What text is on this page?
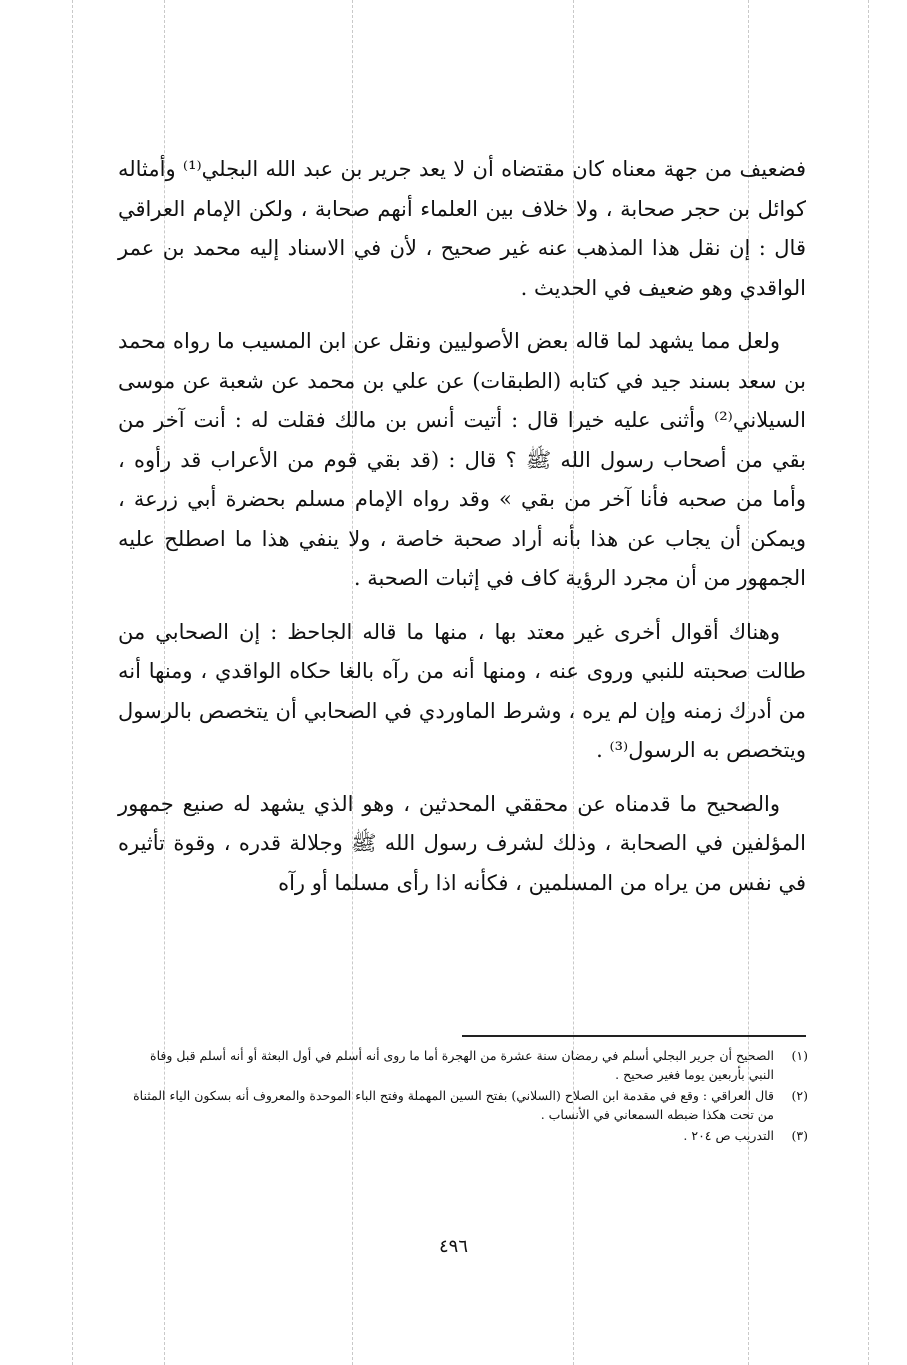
فضعيف من جهة معناه كان مقتضاه أن لا يعد جرير بن عبد الله البجلي⁽¹⁾ وأمثاله كوائل بن حجر صحابة ، ولا خلاف بين العلماء أنهم صحابة ، ولكن الإمام العراقي قال : إن نقل هذا المذهب عنه غير صحيح ، لأن في الاسناد إليه محمد بن عمر الواقدي وهو ضعيف في الحديث .

ولعل مما يشهد لما قاله بعض الأصوليين ونقل عن ابن المسيب ما رواه محمد بن سعد بسند جيد في كتابه (الطبقات) عن علي بن محمد عن شعبة عن موسى السيلاني⁽²⁾ وأثنى عليه خيرا قال : أتيت أنس بن مالك فقلت له : أنت آخر من بقي من أصحاب رسول الله ﷺ ؟ قال : (قد بقي قوم من الأعراب قد رأوه ، وأما من صحبه فأنا آخر من بقي » وقد رواه الإمام مسلم بحضرة أبي زرعة ، ويمكن أن يجاب عن هذا بأنه أراد صحبة خاصة ، ولا ينفي هذا ما اصطلح عليه الجمهور من أن مجرد الرؤية كاف في إثبات الصحبة .

وهناك أقوال أخرى غير معتد بها ، منها ما قاله الجاحظ : إن الصحابي من طالت صحبته للنبي وروى عنه ، ومنها أنه من رآه بالغا حكاه الواقدي ، ومنها أنه من أدرك زمنه وإن لم يره ، وشرط الماوردي في الصحابي أن يتخصص بالرسول ويتخصص به الرسول⁽³⁾ .

والصحيح ما قدمناه عن محققي المحدثين ، وهو الذي يشهد له صنيع جمهور المؤلفين في الصحابة ، وذلك لشرف رسول الله ﷺ وجلالة قدره ، وقوة تأثيره في نفس من يراه من المسلمين ، فكأنه اذا رأى مسلما أو رآه

(١)
الصحيح أن جرير البجلي أسلم في رمضان سنة عشرة من الهجرة أما ما روى أنه أسلم في أول البعثة أو أنه أسلم قبل وفاة النبي بأربعين يوما فغير صحيح .
(٢)
قال العراقي : وقع في مقدمة ابن الصلاح (السلاني) بفتح السين المهملة وفتح الباء الموحدة والمعروف أنه بسكون الياء المثناة من تحت هكذا ضبطه السمعاني في الأنساب .
(٣)
التدريب ص ٢٠٤ .
٤٩٦
